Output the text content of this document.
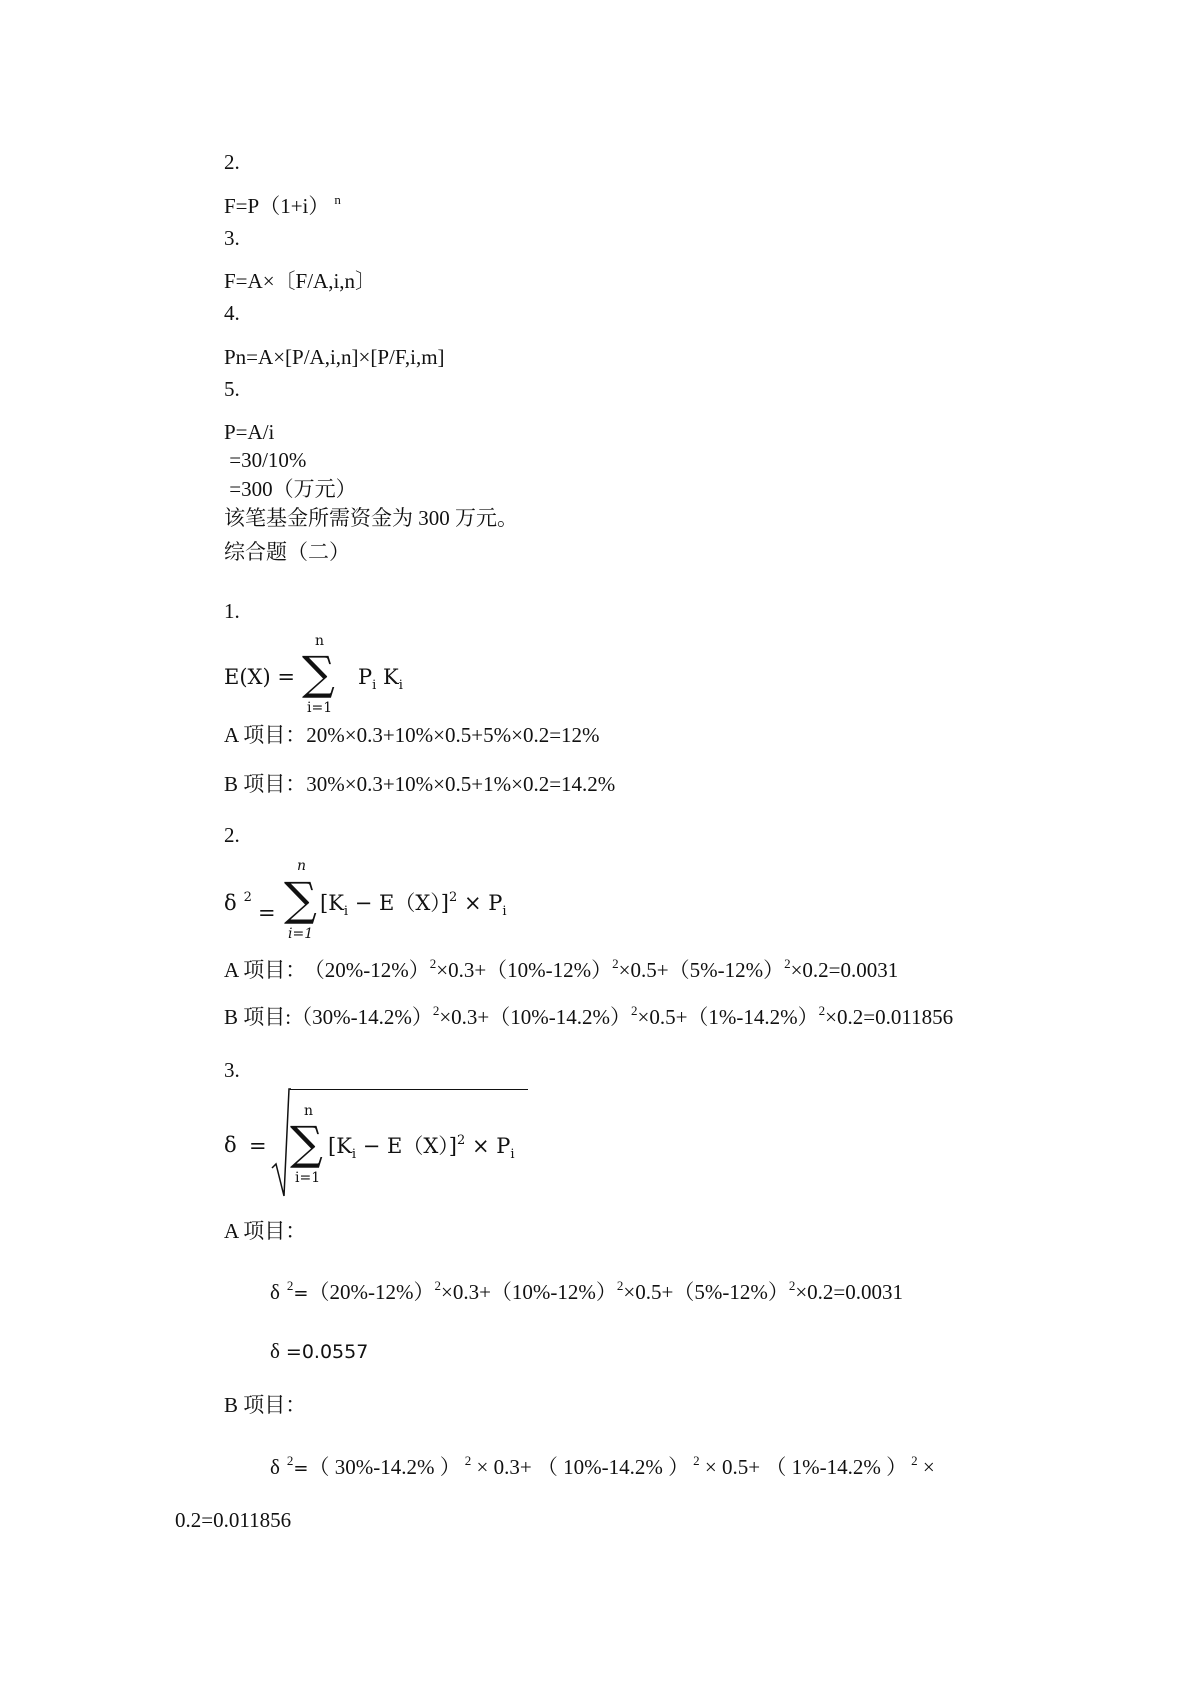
2.
F=P（1+i） $^n$
3.
F=A×〔F/A,i,n〕
4.
Pn=A×[P/A,i,n]×[P/F,i,m]
5.
P=A/i
=30/10%
=300（万元）
该笔基金所需资金为 300 万元。
综合题（二）
1.
E(X) =
n
∑
i=1
$P_i$ $K_i$
A 项目：20%×0.3+10%×0.5+5%×0.2=12%
B 项目：30%×0.3+10%×0.5+1%×0.2=14.2%
2.
δ $^2$
=
n
∑
i=1
$[K_i - E(X)]^2 \times P_i$
A 项目： $(20\%-12\%)^2\times 0.3+(10\%-12\%)^2\times 0.5+(5\%-12\%)^2\times 0.2=0.0031$
B 项目$:(30\%-14.2\%)^2\times 0.3+(10\%-14.2\%)^2\times 0.5+(1\%-14.2\%)^2\times 0.2=0.011856$
3.
δ =
n
∑
i=1
$[K_i - E(X)]^2 \times P_i$
A 项目：
δ $^2=(20\%-12\%)^2\times 0.3+(10\%-12\%)^2\times 0.5+(5\%-12\%)^2\times 0.2=0.0031$
δ =0.0557
B 项目：
δ $^2$=（ 30%-14.2% ） $^2$ × 0.3+ （ 10%-14.2% ） $^2$ × 0.5+ （ 1%-14.2% ） $^2$ ×
0.2=0.011856
